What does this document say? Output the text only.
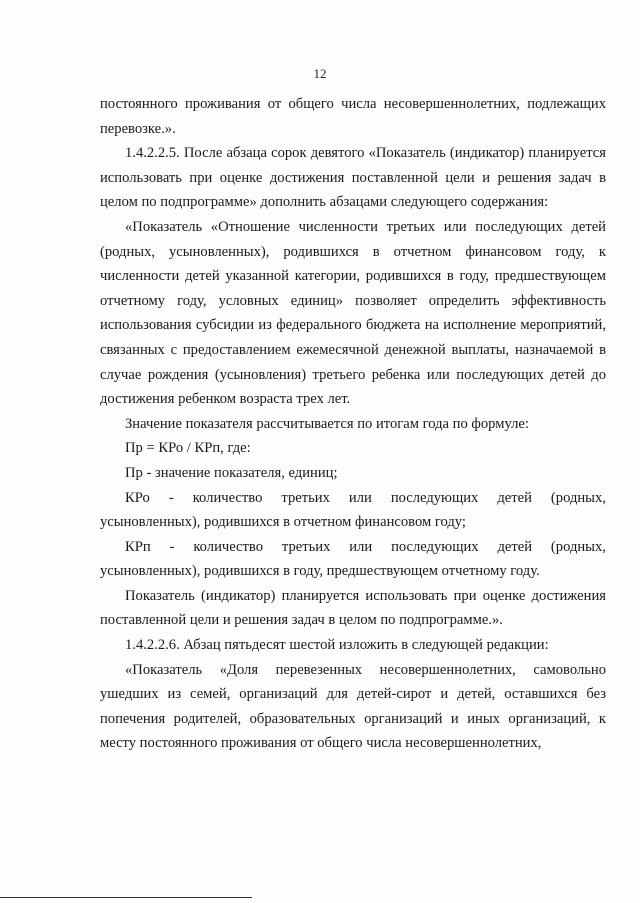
12

постоянного проживания от общего числа несовершеннолетних, подлежащих перевозке.».

1.4.2.2.5. После абзаца сорок девятого «Показатель (индикатор) планируется использовать при оценке достижения поставленной цели и решения задач в целом по подпрограмме» дополнить абзацами следующего содержания:

«Показатель «Отношение численности третьих или последующих детей (родных, усыновленных), родившихся в отчетном финансовом году, к численности детей указанной категории, родившихся в году, предшествующем отчетному году, условных единиц» позволяет определить эффективность использования субсидии из федерального бюджета на исполнение мероприятий, связанных с предоставлением ежемесячной денежной выплаты, назначаемой в случае рождения (усыновления) третьего ребенка или последующих детей до достижения ребенком возраста трех лет.

Значение показателя рассчитывается по итогам года по формуле:

Пр = КРо / КРп, где:

Пр - значение показателя, единиц;

КРо - количество третьих или последующих детей (родных,

усыновленных), родившихся в отчетном финансовом году;

КРп - количество третьих или последующих детей (родных,

усыновленных), родившихся в году, предшествующем отчетному году.

Показатель (индикатор) планируется использовать при оценке достижения поставленной цели и решения задач в целом по подпрограмме.».

1.4.2.2.6. Абзац пятьдесят шестой изложить в следующей редакции:

«Показатель «Доля перевезенных несовершеннолетних, самовольно ушедших из семей, организаций для детей-сирот и детей, оставшихся без попечения родителей, образовательных организаций и иных организаций, к месту постоянного проживания от общего числа несовершеннолетних,
